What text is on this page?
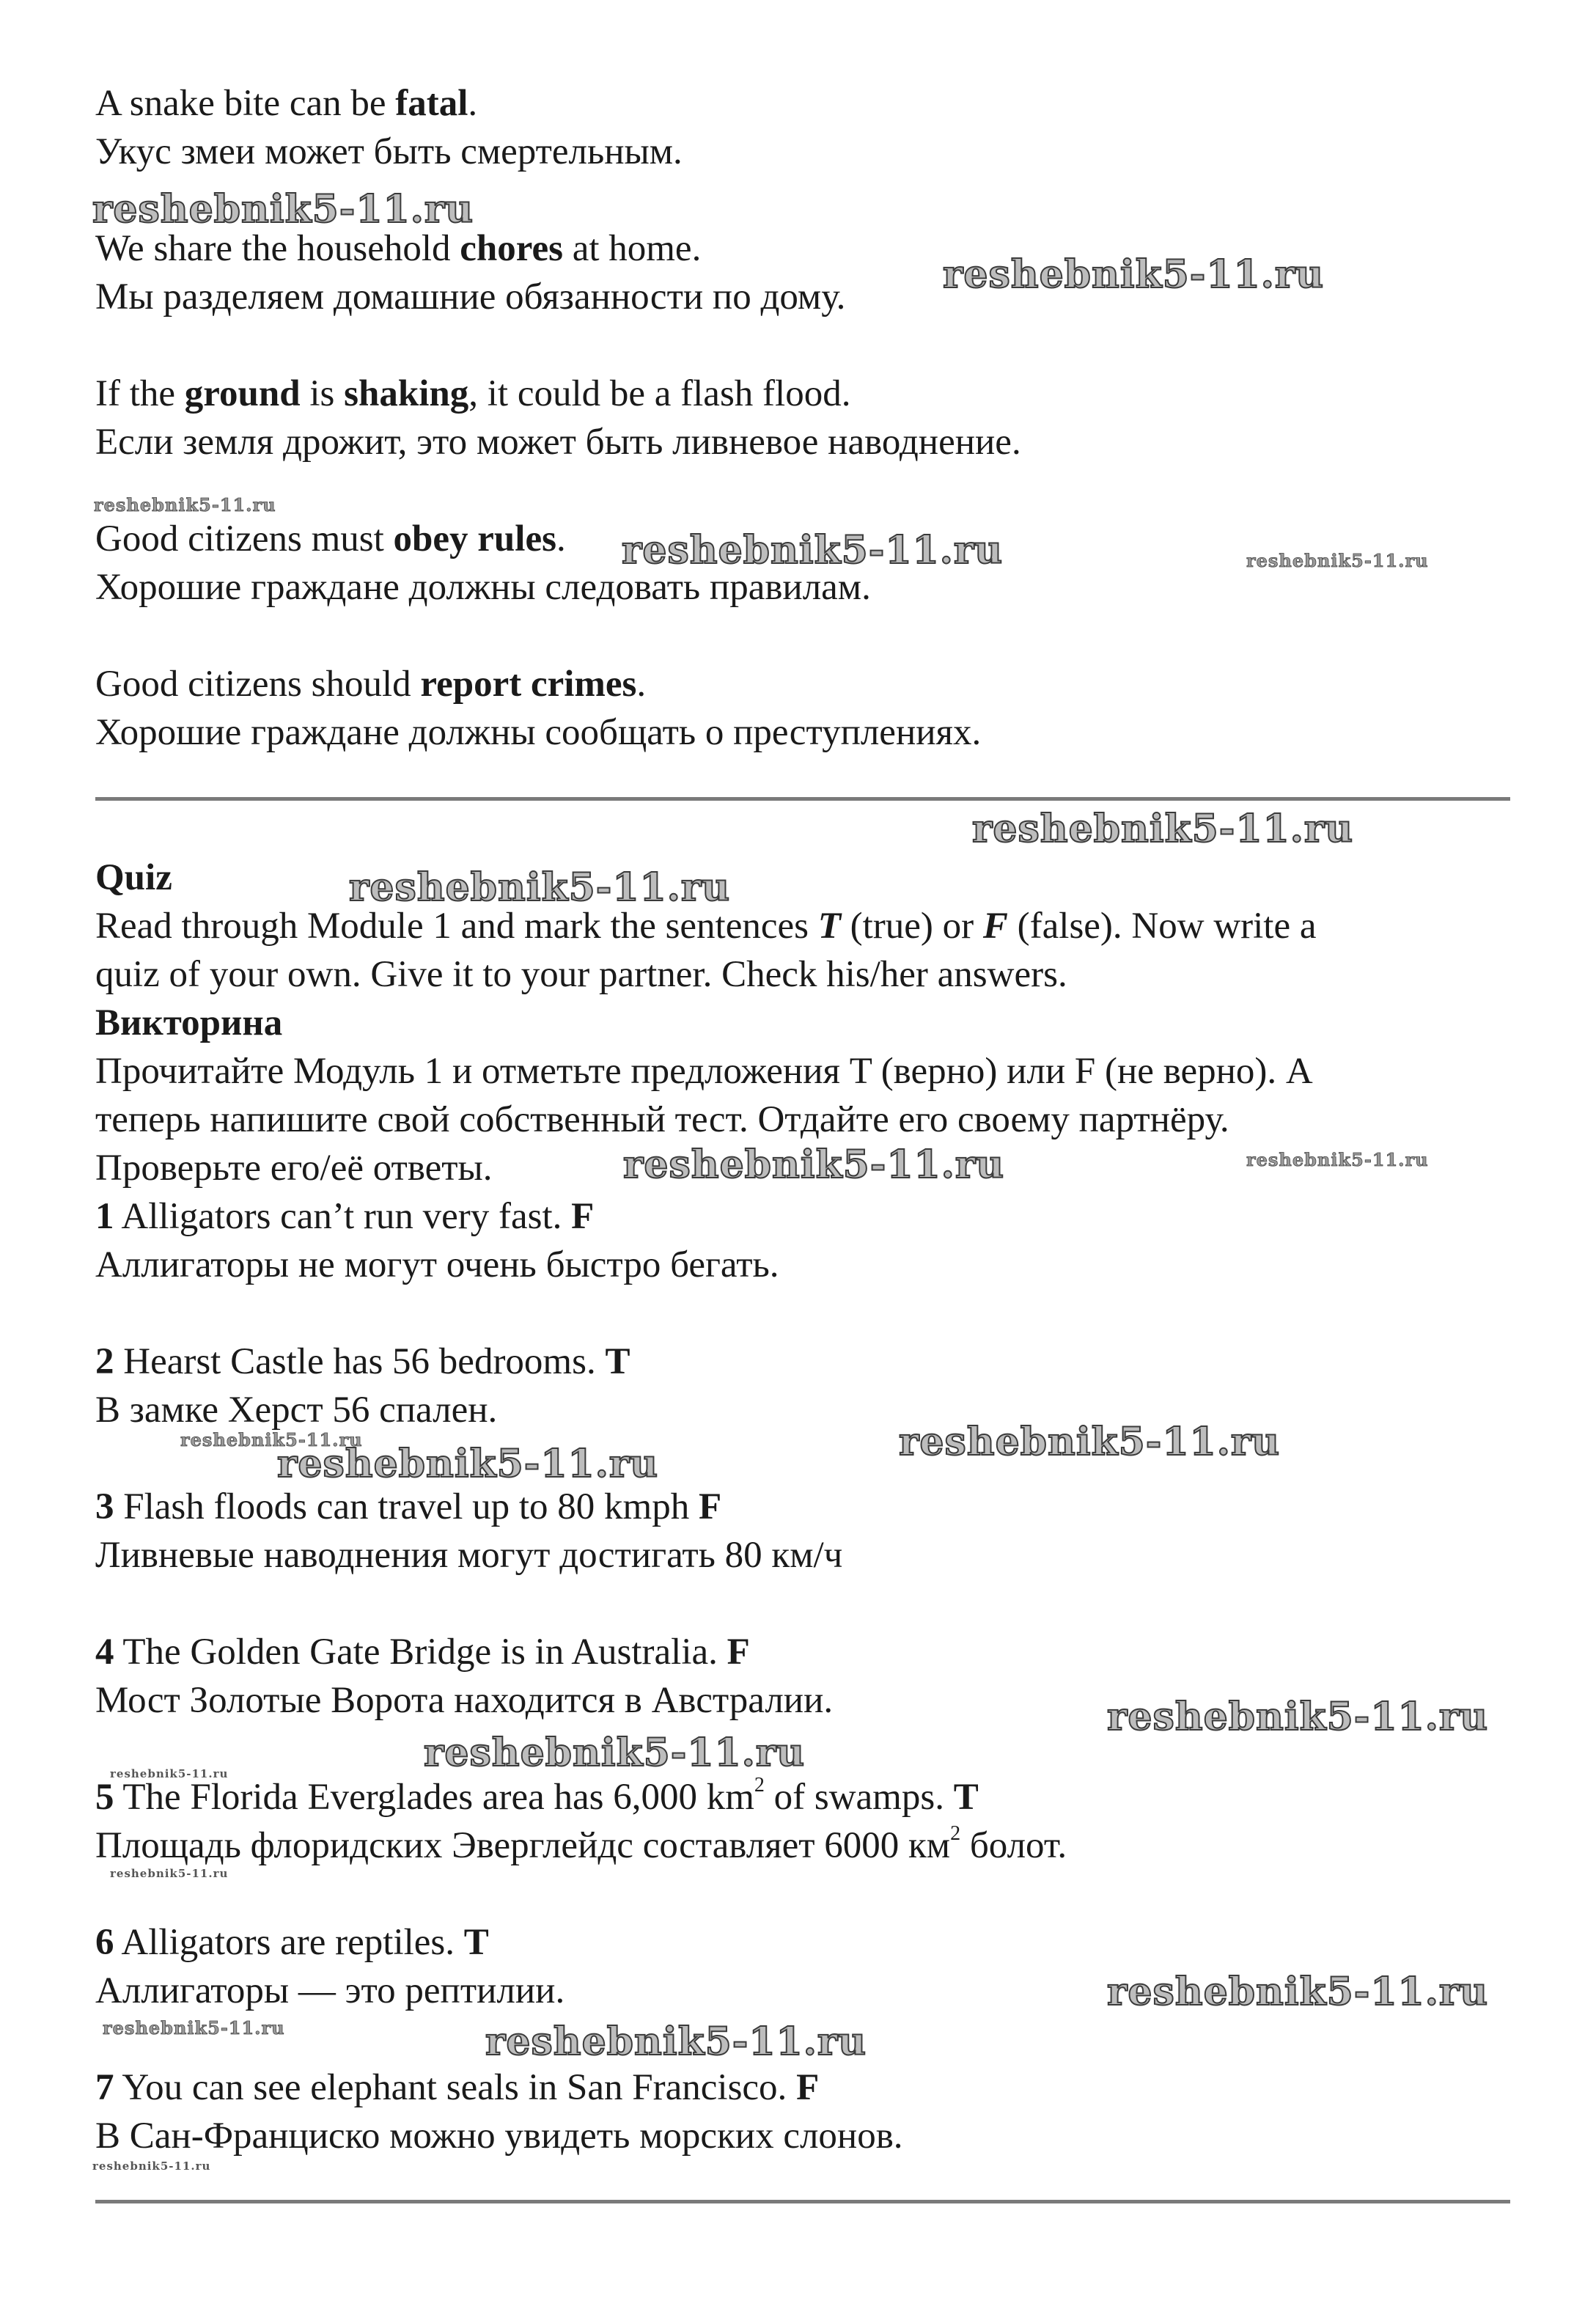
A snake bite can be fatal.

Укус змеи может быть смертельным.

We share the household chores at home.

Мы разделяем домашние обязанности по дому.

If the ground is shaking, it could be a flash flood.

Если земля дрожит, это может быть ливневое наводнение.

Good citizens must obey rules.

Хорошие граждане должны следовать правилам.

Good citizens should report crimes.

Хорошие граждане должны сообщать о преступлениях.

Quiz

Read through Module 1 and mark the sentences T (true) or F (false). Now write a

quiz of your own. Give it to your partner. Check his/her answers.

Викторина

Прочитайте Модуль 1 и отметьте предложения T (верно) или F (не верно). А

теперь напишите свой собственный тест. Отдайте его своему партнёру.

Проверьте его/её ответы.

1 Alligators can’t run very fast. F

Аллигаторы не могут очень быстро бегать.

2 Hearst Castle has 56 bedrooms. T

В замке Херст 56 спален.

3 Flash floods can travel up to 80 kmph F

Ливневые наводнения могут достигать 80 км/ч

4 The Golden Gate Bridge is in Australia. F

Мост Золотые Ворота находится в Австралии.

5 The Florida Everglades area has 6,000 $km^2$ of swamps. T

Площадь флоридских Эверглейдс составляет 6000 $км^2$ болот.

6 Alligators are reptiles. T

Аллигаторы — это рептилии.

7 You can see elephant seals in San Francisco. F

В Сан-Франциско можно увидеть морских слонов.

reshebnik5-11.ru

reshebnik5-11.ru

reshebnik5-11.ru

reshebnik5-11.ru	reshebnik5-11.ru

reshebnik5-11.ru

reshebnik5-11.ru

reshebnik5-11.ru	reshebnik5-11.ru

reshebnik5-11.ru

reshebnik5-11.ru	reshebnik5-11.ru

reshebnik5-11.ru

reshebnik5-11.ru

reshebnik5-11.ru

reshebnik5-11.ru

reshebnik5-11.ru

reshebnik5-11.ru	reshebnik5-11.ru

reshebnik5-11.ru
